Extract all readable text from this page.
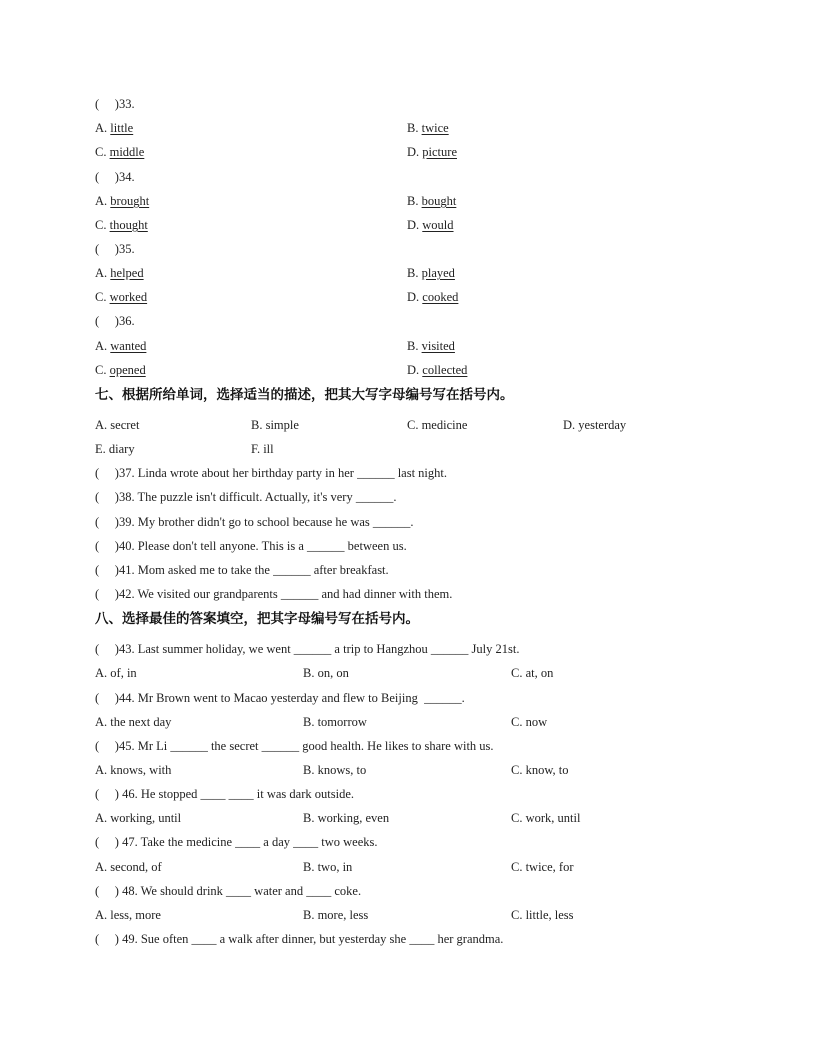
(     )33.
A. little	B. twice
C. middle	D. picture
(     )34.
A. brought	B. bought
C. thought	D. would
(     )35.
A. helped	B. played
C. worked	D. cooked
(     )36.
A. wanted	B. visited
C. opened	D. collected
七、根据所给单词，选择适当的描述，把其大写字母编号写在括号内。
A. secret	B. simple	C. medicine	D. yesterday
E. diary	F. ill
(     )37. Linda wrote about her birthday party in her ______ last night.
(     )38. The puzzle isn't difficult. Actually, it's very ______.
(     )39. My brother didn't go to school because he was ______.
(     )40. Please don't tell anyone. This is a ______ between us.
(     )41. Mom asked me to take the ______ after breakfast.
(     )42. We visited our grandparents ______ and had dinner with them.
八、选择最佳的答案填空，把其字母编号写在括号内。
(     )43. Last summer holiday, we went ______ a trip to Hangzhou ______ July 21st.
A. of, in	B. on, on	C. at, on
(     )44. Mr Brown went to Macao yesterday and flew to Beijing  ______.
A. the next day	B. tomorrow	C. now
(     )45. Mr Li ______ the secret ______ good health. He likes to share with us.
A. knows, with	B. knows, to	C. know, to
(     ) 46. He stopped ____ ____ it was dark outside.
A. working, until	B. working, even	C. work, until
(     ) 47. Take the medicine ____ a day ____ two weeks.
A. second, of	B. two, in	C. twice, for
(     ) 48. We should drink ____ water and ____ coke.
A. less, more	B. more, less	C. little, less
(     ) 49. Sue often ____ a walk after dinner, but yesterday she ____ her grandma.
